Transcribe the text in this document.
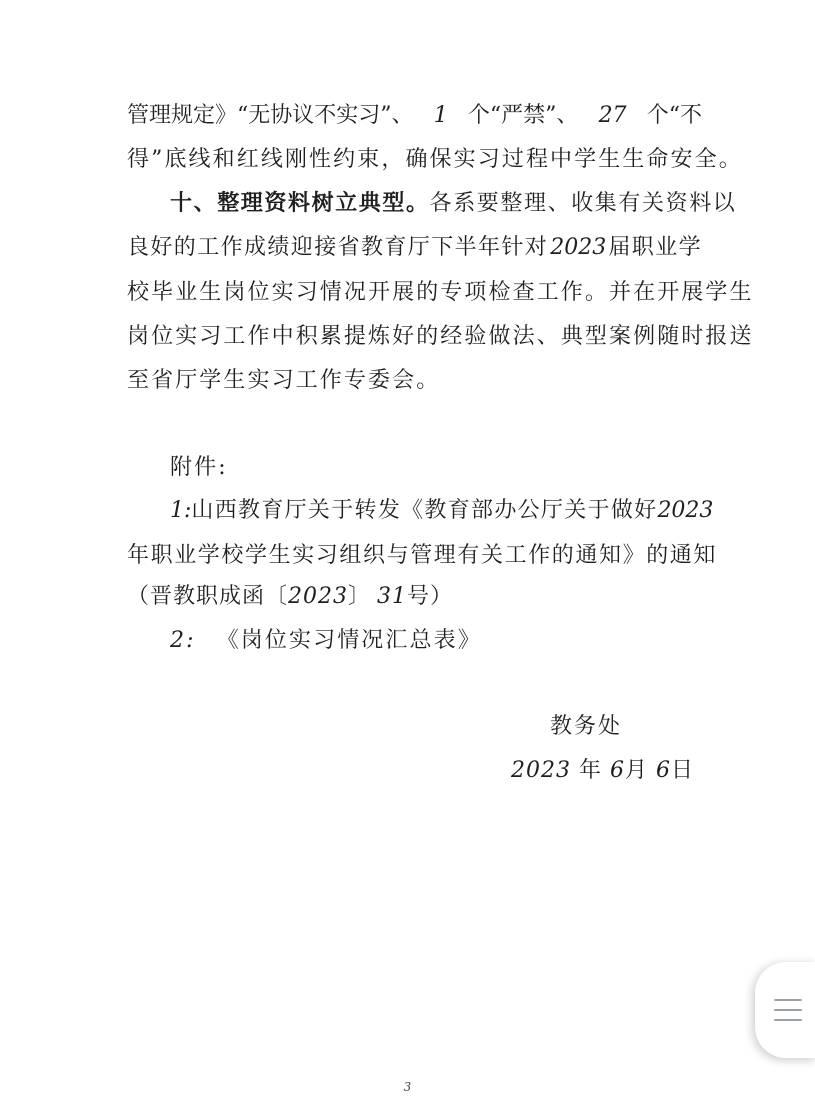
管理规定》“无协议不实习”、 1 个“严禁”、 27 个“不
得”底线和红线刚性约束，确保实习过程中学生生命安全。
十、整理资料树立典型。各系要整理、收集有关资料以
良好的工作成绩迎接省教育厅下半年针对 2023 届职业学
校毕业生岗位实习情况开展的专项检查工作。并在开展学生
岗位实习工作中积累提炼好的经验做法、典型案例随时报送
至省厅学生实习工作专委会。
附件:
1: 山西教育厅关于转发《教育部办公厅关于做好 2023
年职业学校学生实习组织与管理有关工作的通知》的通知
（晋教职成函〔2023〕 31号）
2: 《岗位实习情况汇总表》
教务处
2023 年 6月 6日
3
